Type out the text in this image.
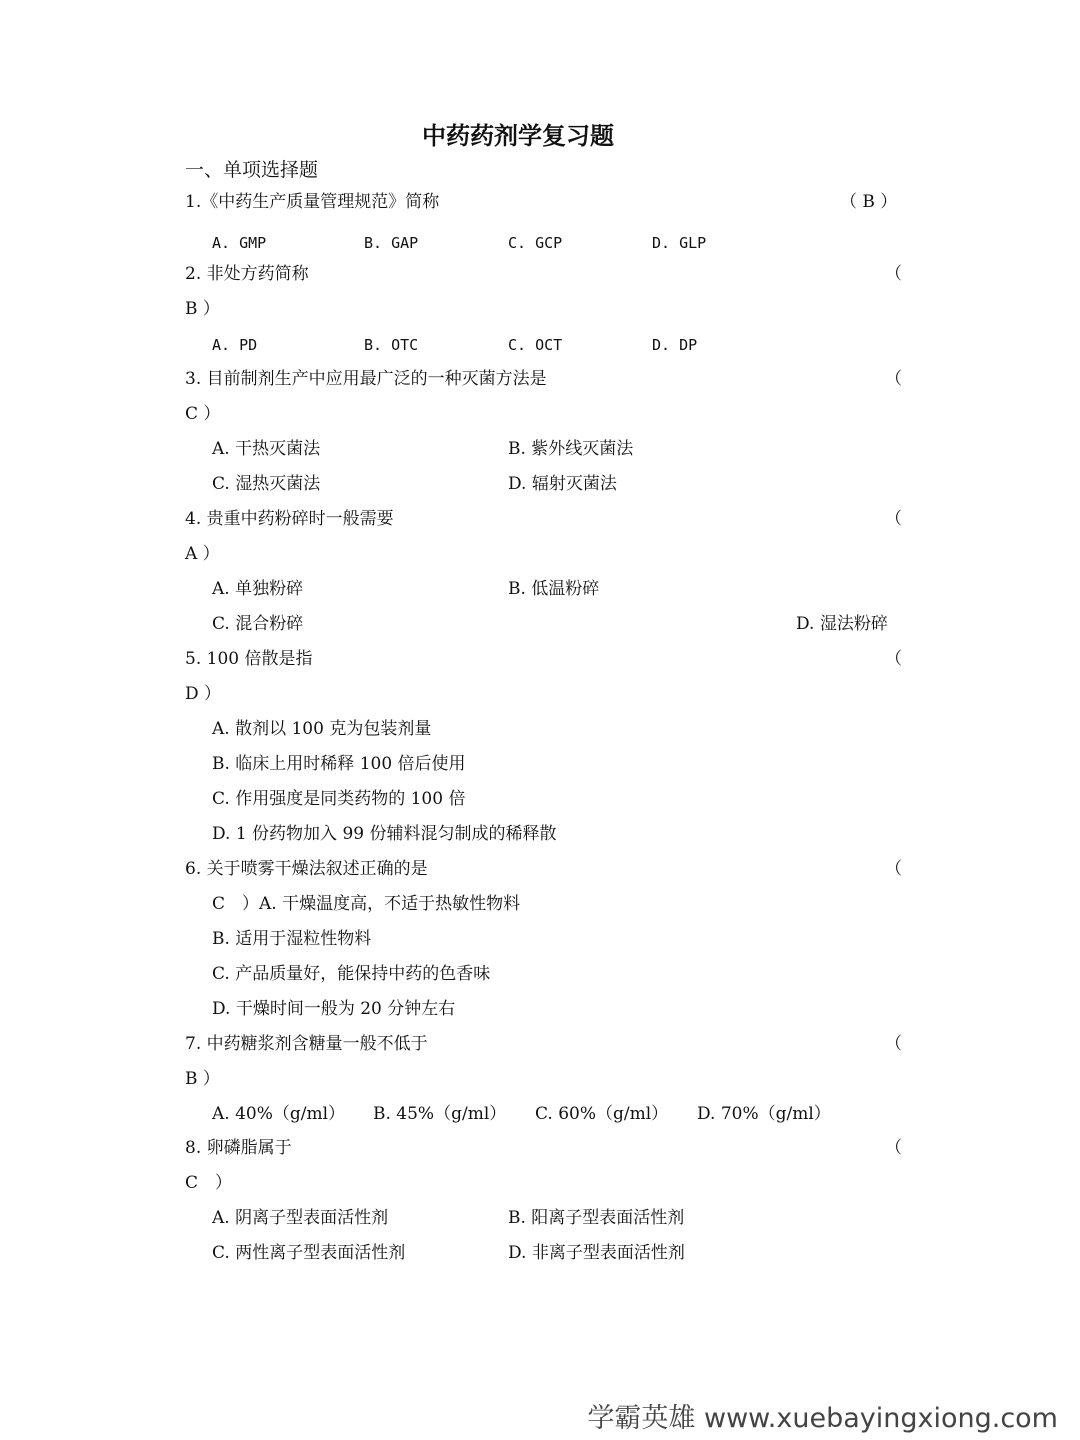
中药药剂学复习题
一、单项选择题
1.《中药生产质量管理规范》简称	（ B ）
A. GMP	B. GAP	C. GCP	D. GLP
2. 非处方药简称	（
B ）
A. PD	B. OTC	C. OCT	D. DP
3. 目前制剂生产中应用最广泛的一种灭菌方法是	（
C ）
A. 干热灭菌法	B. 紫外线灭菌法
C. 湿热灭菌法	D. 辐射灭菌法
4. 贵重中药粉碎时一般需要	（
A ）
A. 单独粉碎	B. 低温粉碎
C. 混合粉碎	D. 湿法粉碎
5. 100 倍散是指	（
D ）
A. 散剂以 100 克为包装剂量
B. 临床上用时稀释 100 倍后使用
C. 作用强度是同类药物的 100 倍
D. 1 份药物加入 99 份辅料混匀制成的稀释散
6. 关于喷雾干燥法叙述正确的是	（
C　）A. 干燥温度高，不适于热敏性物料
B. 适用于湿粒性物料
C. 产品质量好，能保持中药的色香味
D. 干燥时间一般为 20 分钟左右
7. 中药糖浆剂含糖量一般不低于	（
B ）
A. 40%（g/ml） B. 45%（g/ml） C. 60%（g/ml） D. 70%（g/ml）
8. 卵磷脂属于	（
C　）
A. 阴离子型表面活性剂	B. 阳离子型表面活性剂
C. 两性离子型表面活性剂	D. 非离子型表面活性剂
学霸英雄 www.xuebayingxiong.com
